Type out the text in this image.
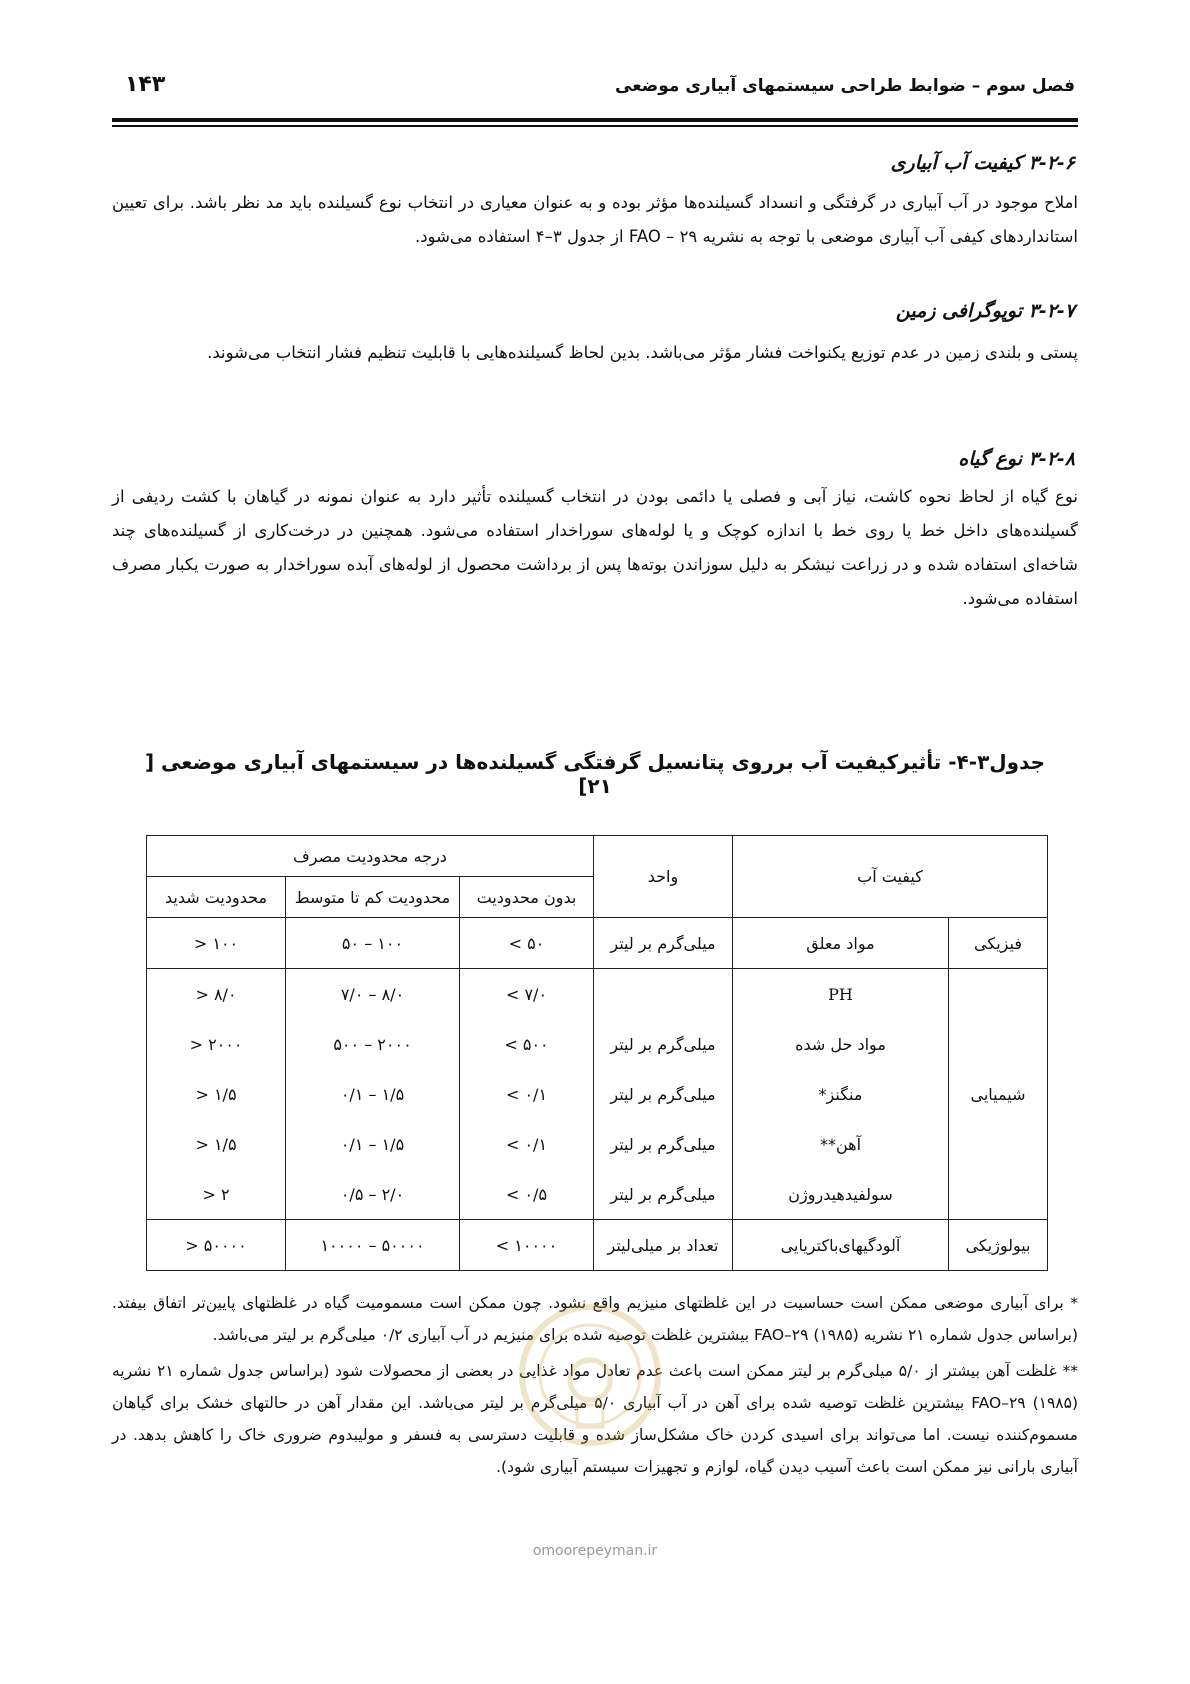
فصل سوم – ضوابط طراحی سیستمهای آبیاری موضعی
۱۴۳
۳-۲-۶ کیفیت آب آبیاری
املاح موجود در آب آبیاری در گرفتگی و انسداد گسیلنده‌ها مؤثر بوده و به عنوان معیاری در انتخاب نوع گسیلنده باید مد نظر باشد. برای تعیین استانداردهای کیفی آب آبیاری موضعی با توجه به نشریه ۲۹ – FAO از جدول ۳–۴ استفاده می‌شود.
۳-۲-۷ توپوگرافی زمین
پستی و بلندی زمین در عدم توزیع یکنواخت فشار مؤثر می‌باشد. بدین لحاظ گسیلنده‌هایی با قابلیت تنظیم فشار انتخاب می‌شوند.
۳-۲-۸ نوع گیاه
نوع گیاه از لحاظ نحوه کاشت، نیاز آبی و فصلی یا دائمی بودن در انتخاب گسیلنده تأثیر دارد به عنوان نمونه در گیاهان با کشت ردیفی از گسیلنده‌های داخل خط یا روی خط با اندازه کوچک و یا لوله‌های سوراخدار استفاده می‌شود. همچنین در درخت‌کاری از گسیلنده‌های چند شاخه‌ای استفاده شده و در زراعت نیشکر به دلیل سوزاندن بوته‌ها پس از برداشت محصول از لوله‌های آبده سوراخدار به صورت یکبار مصرف استفاده می‌شود.
جدول۳-۴- تأثیرکیفیت آب برروی پتانسیل گرفتگی گسیلنده‌ها در سیستمهای آبیاری موضعی [ ۲۱]
کیفیت آب		واحد	درجه محدودیت مصرف		
			بدون محدودیت	محدودیت کم تا متوسط	محدودیت شدید
فیزیکی	مواد معلق	میلی‌گرم بر لیتر	۵۰ >	۱۰۰ – ۵۰	۱۰۰ <
شیمیایی	PH		۷/۰ >	۸/۰ – ۷/۰	۸/۰ <
	مواد حل شده	میلی‌گرم بر لیتر	۵۰۰ >	۲۰۰۰ – ۵۰۰	۲۰۰۰ <
	منگنز*	میلی‌گرم بر لیتر	۰/۱ >	۱/۵ – ۰/۱	۱/۵ <
	آهن**	میلی‌گرم بر لیتر	۰/۱ >	۱/۵ – ۰/۱	۱/۵ <
	سولفیدهیدروژن	میلی‌گرم بر لیتر	۰/۵ >	۲/۰ – ۰/۵	۲ <
بیولوژیکی	آلودگیهای‌باکتریایی	تعداد بر میلی‌لیتر	۱۰۰۰۰ >	۵۰۰۰۰ – ۱۰۰۰۰	۵۰۰۰۰ <

* برای آبیاری موضعی ممکن است حساسیت در این غلظتهای منیزیم واقع نشود. چون ممکن است مسمومیت گیاه در غلظتهای پایین‌تر اتفاق بیفتد. (براساس جدول شماره ۲۱ نشریه (۱۹۸۵) ۲۹–FAO بیشترین غلظت توصیه شده برای منیزیم در آب آبیاری ۰/۲ میلی‌گرم بر لیتر می‌باشد.

** غلظت آهن بیشتر از ۵/۰ میلی‌گرم بر لیتر ممکن است باعث عدم تعادل مواد غذایی در بعضی از محصولات شود (براساس جدول شماره ۲۱ نشریه (۱۹۸۵) ۲۹–FAO بیشترین غلظت توصیه شده برای آهن در آب آبیاری ۵/۰ میلی‌گرم بر لیتر می‌باشد. این مقدار آهن در حالتهای خشک برای گیاهان مسموم‌کننده نیست. اما می‌تواند برای اسیدی کردن خاک مشکل‌ساز شده و قابلیت دسترسی به فسفر و مولیبدوم ضروری خاک را کاهش بدهد. در آبیاری بارانی نیز ممکن است باعث آسیب دیدن گیاه، لوازم و تجهیزات سیستم آبیاری شود).

omoorepeyman.ir
